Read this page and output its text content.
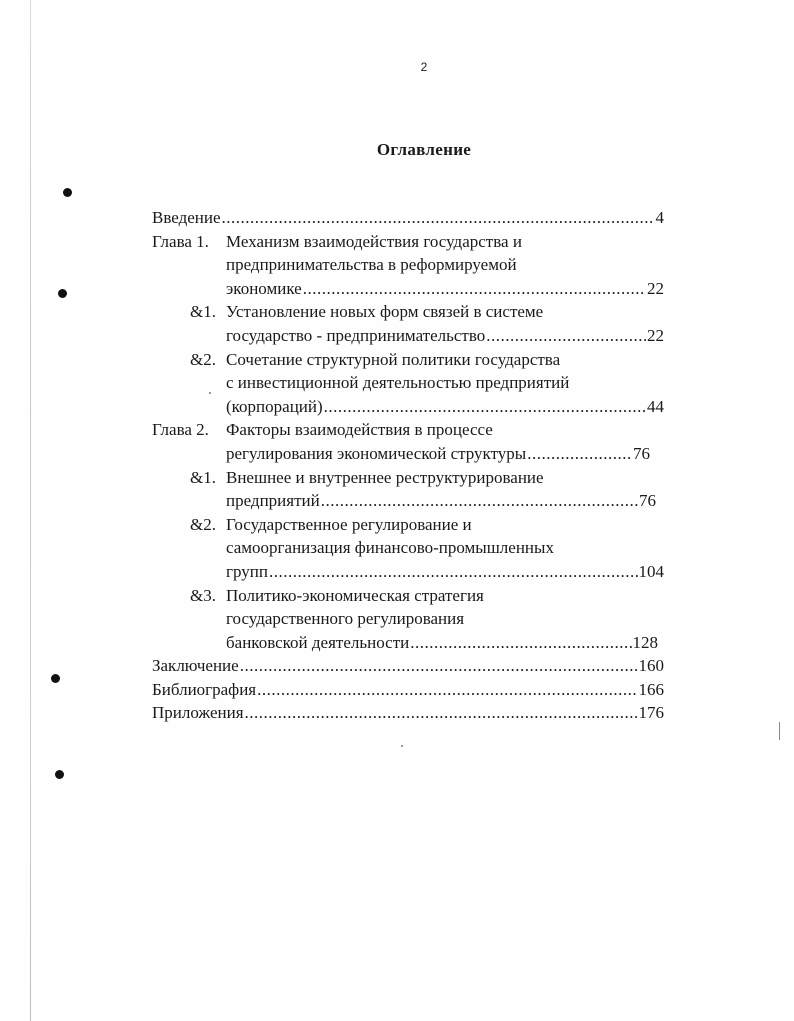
2
Оглавление
Введение .....	4
Глава 1.	Механизм взаимодействия государства и
предпринимательства в реформируемой
экономике .....	22
&1. Установление новых форм связей в системе
государство - предпринимательство .....	22
&2. Сочетание структурной политики государства
с инвестиционной деятельностью предприятий
(корпораций) .....	44
Глава 2.	Факторы взаимодействия в процессе
регулирования экономической структуры .....	76
&1. Внешнее и внутреннее реструктурирование
предприятий .....	76
&2. Государственное регулирование и
самоорганизация финансово-промышленных
групп .....	104
&3. Политико-экономическая стратегия
государственного регулирования
банковской деятельности .....	128
Заключение .....	160
Библиография .....	166
Приложения .....	176
